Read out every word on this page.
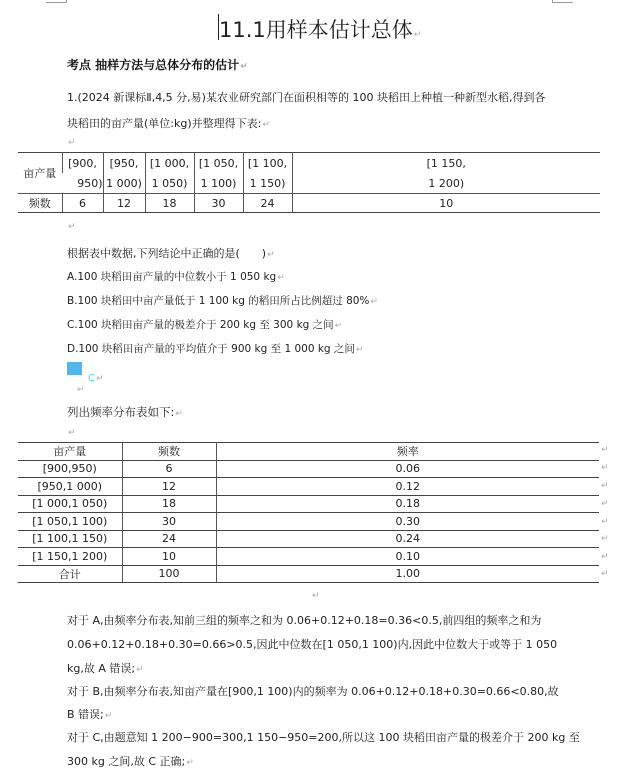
11.1用样本估计总体↵
考点 抽样方法与总体分布的估计↵
1.(2024 新课标Ⅱ,4,5 分,易)某农业研究部门在面积相等的 100 块稻田上种植一种新型水稻,得到各
块稻田的亩产量(单位:kg)并整理得下表:↵
↵
亩产量	[900,	[950,	[1 000,	[1 050,	[1 100,	[1 150,
	950)	1 000)	1 050)	1 100)	1 150)	1 200)
频数	6	12	18	30	24	10
↵
根据表中数据,下列结论中正确的是(　　)↵
A.100 块稻田亩产量的中位数小于 1 050 kg↵
B.100 块稻田中亩产量低于 1 100 kg 的稻田所占比例超过 80%↵
C.100 块稻田亩产量的极差介于 200 kg 至 300 kg 之间↵
D.100 块稻田亩产量的平均值介于 900 kg 至 1 000 kg 之间↵
C↵
↵
列出频率分布表如下:↵
↵
亩产量	频数	频率
[900,950)	6	0.06
[950,1 000)	12	0.12
[1 000,1 050)	18	0.18
[1 050,1 100)	30	0.30
[1 100,1 150)	24	0.24
[1 150,1 200)	10	0.10
合计	100	1.00
↵
↵
↵
↵
↵
↵
↵
↵
↵
对于 A,由频率分布表,知前三组的频率之和为 0.06+0.12+0.18=0.36<0.5,前四组的频率之和为
0.06+0.12+0.18+0.30=0.66>0.5,因此中位数在[1 050,1 100)内,因此中位数大于或等于 1 050
kg,故 A 错误;↵
对于 B,由频率分布表,知亩产量在[900,1 100)内的频率为 0.06+0.12+0.18+0.30=0.66<0.80,故
B 错误;↵
对于 C,由题意知 1 200−900=300,1 150−950=200,所以这 100 块稻田亩产量的极差介于 200 kg 至
300 kg 之间,故 C 正确;↵
